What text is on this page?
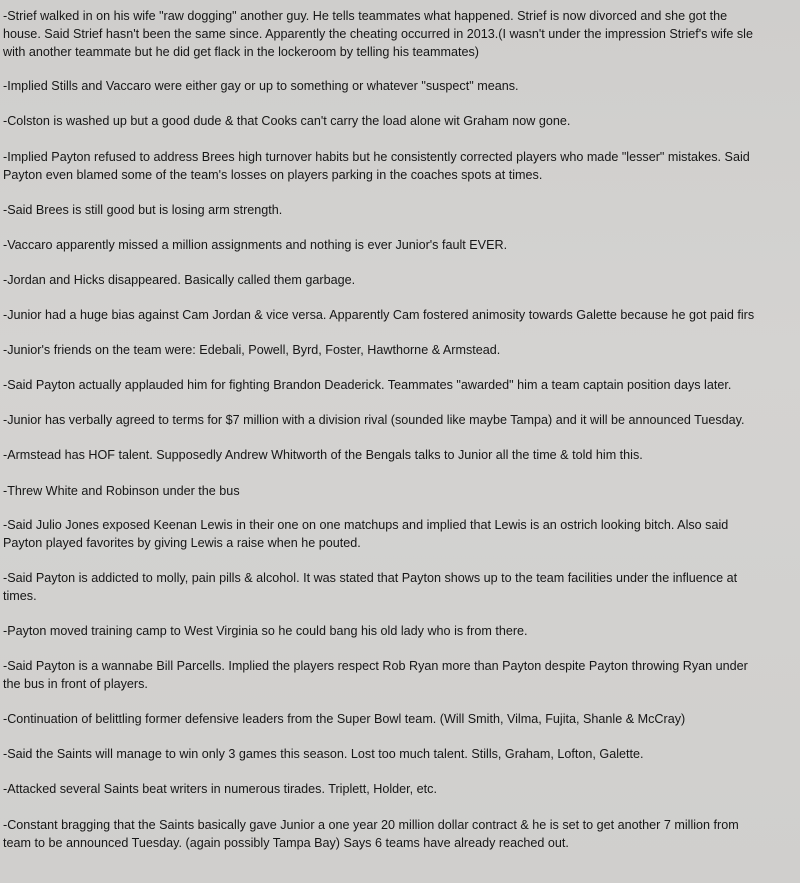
-Strief walked in on his wife "raw dogging" another guy. He tells teammates what happened. Strief is now divorced and she got the
house. Said Strief hasn't been the same since. Apparently the cheating occurred in 2013.(I wasn't under the impression Strief's wife sle
with another teammate but he did get flack in the lockeroom by telling his teammates)
-Implied Stills and Vaccaro were either gay or up to something or whatever "suspect" means.
-Colston is washed up but a good dude & that Cooks can't carry the load alone wit Graham now gone.
-Implied Payton refused to address Brees high turnover habits but he consistently corrected players who made "lesser" mistakes. Said
Payton even blamed some of the team's losses on players parking in the coaches spots at times.
-Said Brees is still good but is losing arm strength.
-Vaccaro apparently missed a million assignments and nothing is ever Junior's fault EVER.
-Jordan and Hicks disappeared. Basically called them garbage.
-Junior had a huge bias against Cam Jordan & vice versa. Apparently Cam fostered animosity towards Galette because he got paid firs
-Junior's friends on the team were: Edebali, Powell, Byrd, Foster, Hawthorne & Armstead.
-Said Payton actually applauded him for fighting Brandon Deaderick. Teammates "awarded" him a team captain position days later.
-Junior has verbally agreed to terms for $7 million with a division rival (sounded like maybe Tampa) and it will be announced Tuesday.
-Armstead has HOF talent. Supposedly Andrew Whitworth of the Bengals talks to Junior all the time & told him this.
-Threw White and Robinson under the bus
-Said Julio Jones exposed Keenan Lewis in their one on one matchups and implied that Lewis is an ostrich looking bitch. Also said
Payton played favorites by giving Lewis a raise when he pouted.
-Said Payton is addicted to molly, pain pills & alcohol. It was stated that Payton shows up to the team facilities under the influence at
times.
-Payton moved training camp to West Virginia so he could bang his old lady who is from there.
-Said Payton is a wannabe Bill Parcells. Implied the players respect Rob Ryan more than Payton despite Payton throwing Ryan under
the bus in front of players.
-Continuation of belittling former defensive leaders from the Super Bowl team. (Will Smith, Vilma, Fujita, Shanle & McCray)
-Said the Saints will manage to win only 3 games this season. Lost too much talent. Stills, Graham, Lofton, Galette.
-Attacked several Saints beat writers in numerous tirades. Triplett, Holder, etc.
-Constant bragging that the Saints basically gave Junior a one year 20 million dollar contract & he is set to get another 7 million from
team to be announced Tuesday. (again possibly Tampa Bay) Says 6 teams have already reached out.
